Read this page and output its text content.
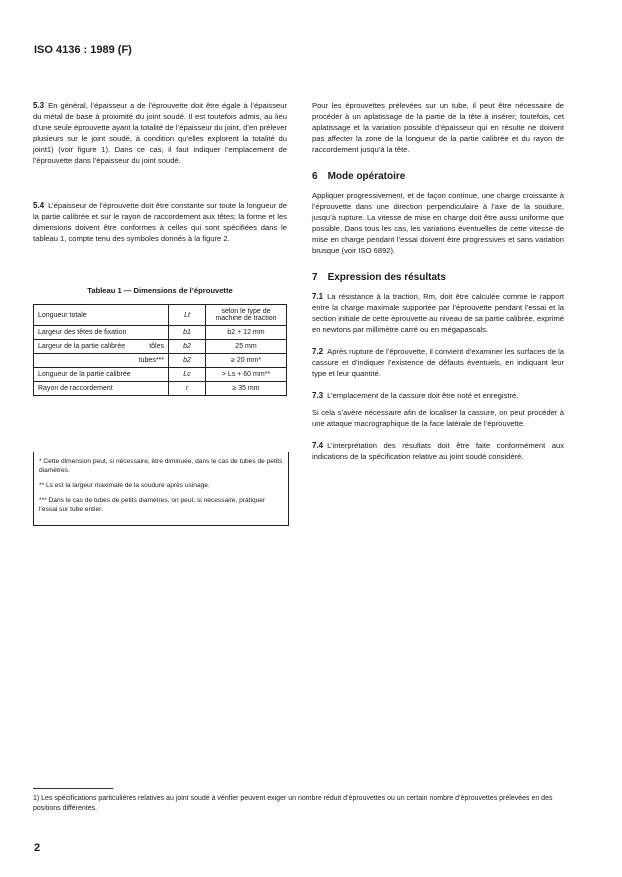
ISO 4136 : 1989 (F)

5.3 En général, l’épaisseur a de l’éprouvette doit être égale à l’épaisseur du métal de base à proximité du joint soudé. Il est toutefois admis, au lieu d’une seule éprouvette ayant la totalité de l’épaisseur du joint, d’en prélever plusieurs sur le joint soudé, à condition qu’elles explorent la totalité du joint1) (voir figure 1). Dans ce cas, il faut indiquer l’emplacement de l’éprouvette dans l’épaisseur du joint soudé.

5.4 L’épaisseur de l’éprouvette doit être constante sur toute la longueur de la partie calibrée et sur le rayon de raccordement aux têtes; la forme et les dimensions doivent être conformes à celles qui sont spécifiées dans le tableau 1, compte tenu des symboles donnés à la figure 2.

Tableau 1 — Dimensions de l’éprouvette
Longueur totale	Lt	selon le type de machine de traction
Largeur des têtes de fixation	b1	b2 + 12 mm
Largeur de la partie calibrée tôles	b2	25 mm
tubes***	b2	≥ 20 mm*
Longueur de la partie calibrée	Lc	> Ls + 60 mm**
Rayon de raccordement	r	≥ 35 mm

* Cette dimension peut, si nécessaire, être diminuée, dans le cas de tubes de petits diamètres.

** Ls est la largeur maximale de la soudure après usinage.

*** Dans le cas de tubes de petits diamètres, on peut, si nécessaire, pratiquer l’essai sur tube entier.

Pour les éprouvettes prélevées sur un tube, il peut être nécessaire de procéder à un aplatissage de la partie de la tête à insérer; toutefois, cet aplatissage et la variation possible d’épaisseur qui en résulte ne doivent pas affecter la zone de la longueur de la partie calibrée et du rayon de raccordement jusqu’à la tête.

6 Mode opératoire

Appliquer progressivement, et de façon continue, une charge croissante à l’éprouvette dans une direction perpendiculaire à l’axe de la soudure, jusqu’à rupture. La vitesse de mise en charge doit être aussi uniforme que possible. Dans tous les cas, les variations éventuelles de cette vitesse de mise en charge pendant l’essai doivent être progressives et sans variation brusque (voir ISO 6892).

7 Expression des résultats

7.1 La résistance à la traction, Rm, doit être calculée comme le rapport entre la charge maximale supportée par l’éprouvette pendant l’essai et la section initiale de cette éprouvette au niveau de sa partie calibrée, exprimé en newtons par millimètre carré ou en mégapascals.

7.2 Après rupture de l’éprouvette, il convient d’examiner les surfaces de la cassure et d’indiquer l’existence de défauts éventuels, en indiquant leur type et leur quantité.

7.3 L’emplacement de la cassure doit être noté et enregistré.

Si cela s’avère nécessaire afin de localiser la cassure, on peut procéder à une attaque macrographique de la face latérale de l’éprouvette.

7.4 L’interprétation des résultats doit être faite conformément aux indications de la spécification relative au joint soudé considéré.

1) Les spécifications particulières relatives au joint soudé à vérifier peuvent exiger un nombre réduit d’éprouvettes ou un certain nombre d’éprouvettes prélevées en des positions différentes.
2
